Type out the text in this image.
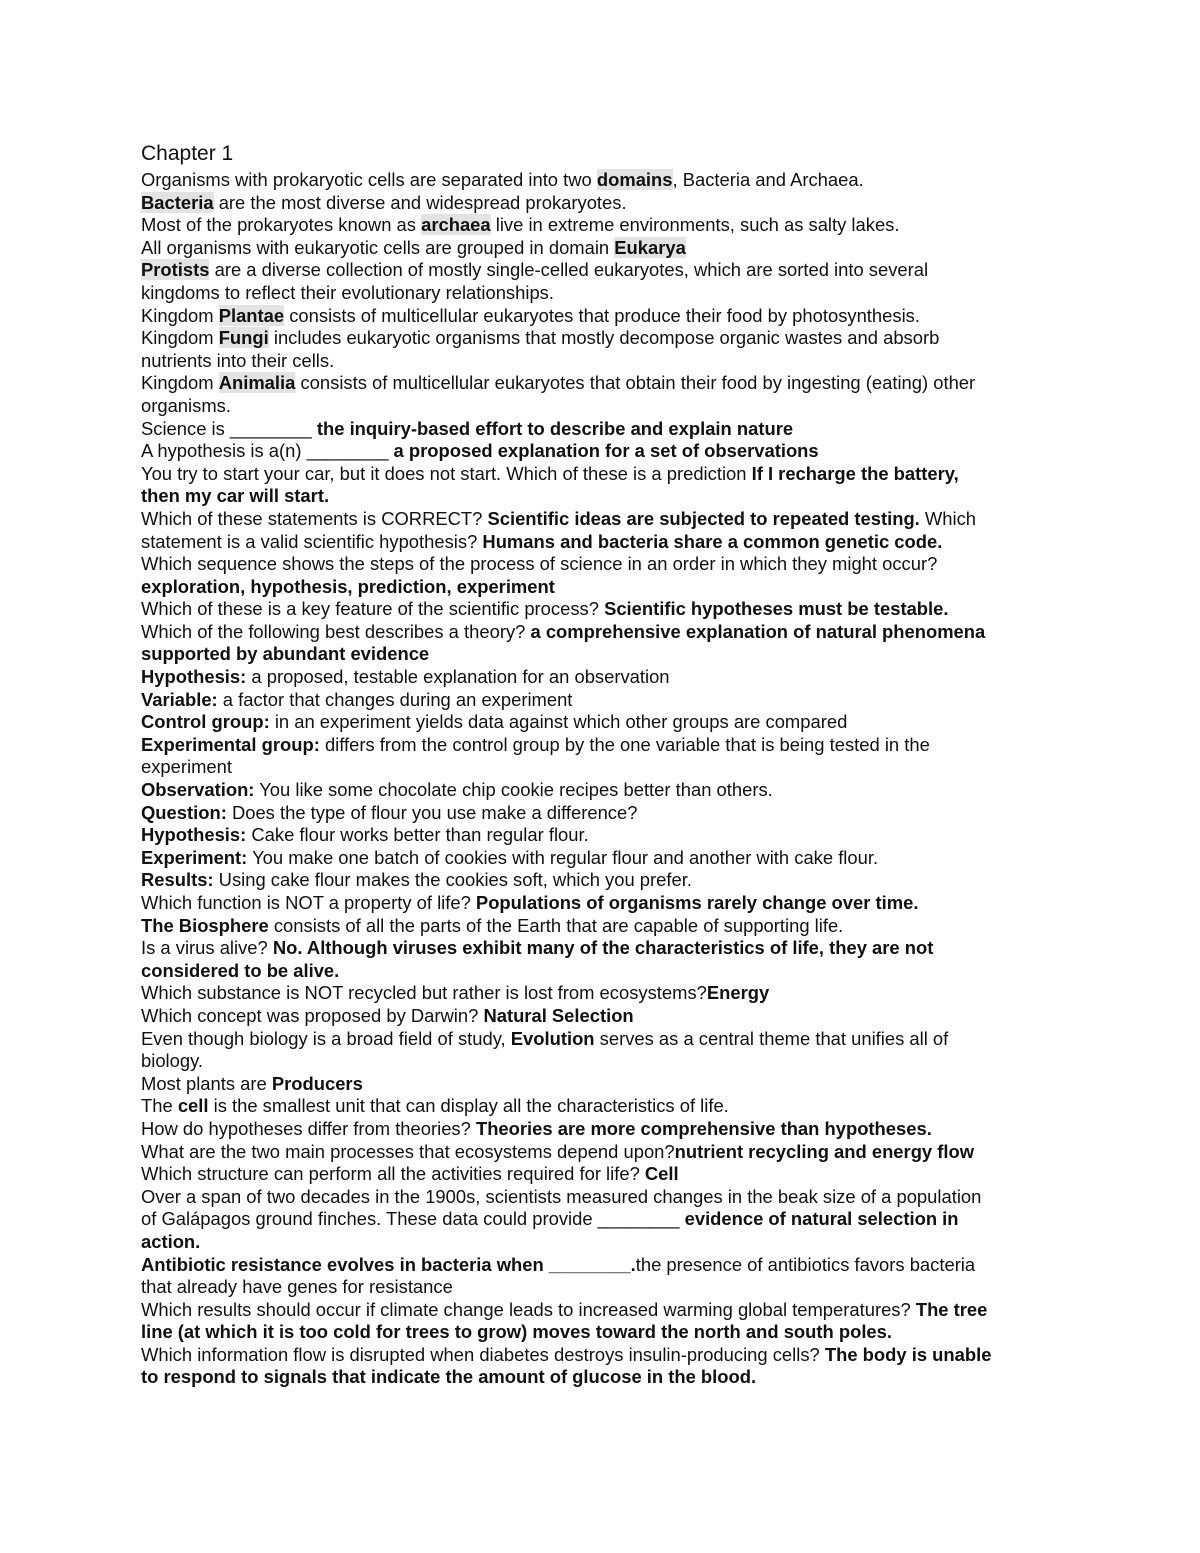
Chapter 1
Organisms with prokaryotic cells are separated into two domains, Bacteria and Archaea.
Bacteria are the most diverse and widespread prokaryotes.
Most of the prokaryotes known as archaea live in extreme environments, such as salty lakes.
All organisms with eukaryotic cells are grouped in domain Eukarya
Protists are a diverse collection of mostly single-celled eukaryotes, which are sorted into several
kingdoms to reflect their evolutionary relationships.
Kingdom Plantae consists of multicellular eukaryotes that produce their food by photosynthesis.
Kingdom Fungi includes eukaryotic organisms that mostly decompose organic wastes and absorb
nutrients into their cells.
Kingdom Animalia consists of multicellular eukaryotes that obtain their food by ingesting (eating) other
organisms.
Science is ________ the inquiry-based effort to describe and explain nature
A hypothesis is a(n) ________ a proposed explanation for a set of observations
You try to start your car, but it does not start. Which of these is a prediction If I recharge the battery,
then my car will start.
Which of these statements is CORRECT? Scientific ideas are subjected to repeated testing. Which
statement is a valid scientific hypothesis? Humans and bacteria share a common genetic code.
Which sequence shows the steps of the process of science in an order in which they might occur?
exploration, hypothesis, prediction, experiment
Which of these is a key feature of the scientific process? Scientific hypotheses must be testable.
Which of the following best describes a theory? a comprehensive explanation of natural phenomena
supported by abundant evidence
Hypothesis: a proposed, testable explanation for an observation
Variable: a factor that changes during an experiment
Control group: in an experiment yields data against which other groups are compared
Experimental group: differs from the control group by the one variable that is being tested in the
experiment
Observation: You like some chocolate chip cookie recipes better than others.
Question: Does the type of flour you use make a difference?
Hypothesis: Cake flour works better than regular flour.
Experiment: You make one batch of cookies with regular flour and another with cake flour.
Results: Using cake flour makes the cookies soft, which you prefer.
Which function is NOT a property of life? Populations of organisms rarely change over time.
The Biosphere consists of all the parts of the Earth that are capable of supporting life.
Is a virus alive? No. Although viruses exhibit many of the characteristics of life, they are not
considered to be alive.
Which substance is NOT recycled but rather is lost from ecosystems?Energy
Which concept was proposed by Darwin? Natural Selection
Even though biology is a broad field of study, Evolution serves as a central theme that unifies all of
biology.
Most plants are Producers
The cell is the smallest unit that can display all the characteristics of life.
How do hypotheses differ from theories? Theories are more comprehensive than hypotheses.
What are the two main processes that ecosystems depend upon?nutrient recycling and energy flow
Which structure can perform all the activities required for life? Cell
Over a span of two decades in the 1900s, scientists measured changes in the beak size of a population
of Galápagos ground finches. These data could provide ________ evidence of natural selection in
action.
Antibiotic resistance evolves in bacteria when ________.the presence of antibiotics favors bacteria
that already have genes for resistance
Which results should occur if climate change leads to increased warming global temperatures? The tree
line (at which it is too cold for trees to grow) moves toward the north and south poles.
Which information flow is disrupted when diabetes destroys insulin-producing cells? The body is unable
to respond to signals that indicate the amount of glucose in the blood.
